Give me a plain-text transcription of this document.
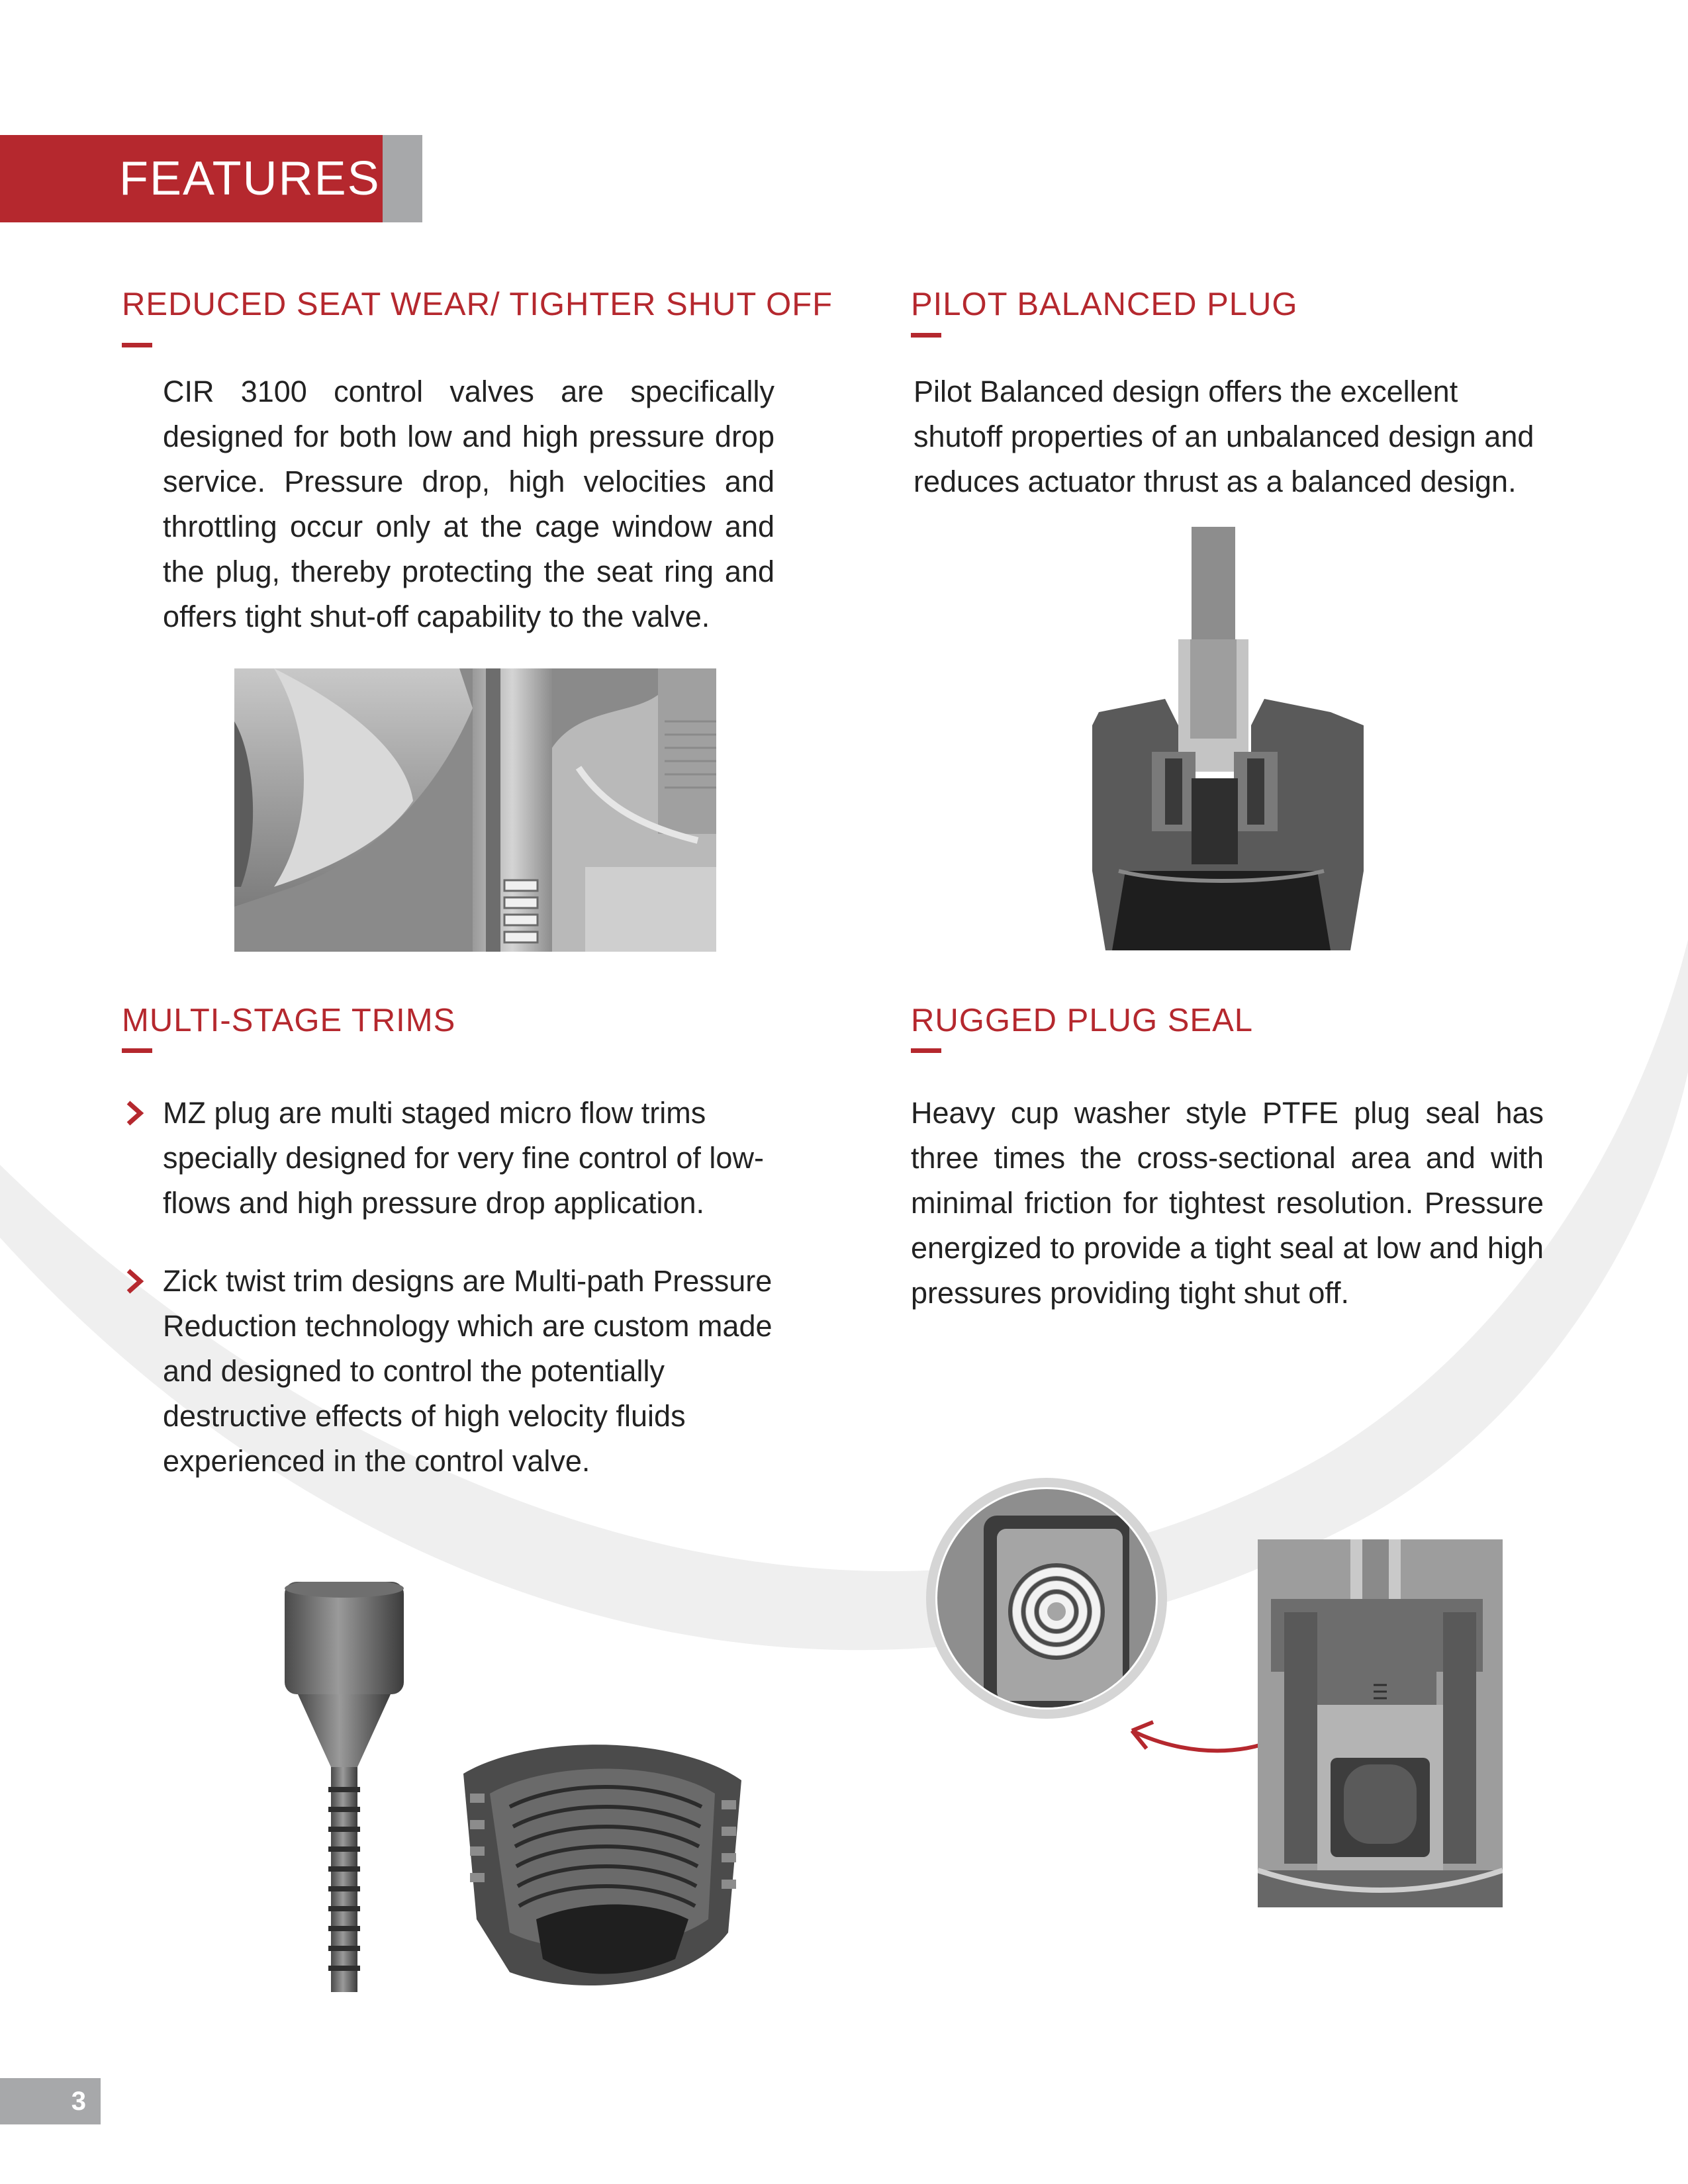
FEATURES
REDUCED SEAT WEAR/ TIGHTER SHUT OFF
CIR 3100 control valves are specifically designed for both low and high pressure drop service. Pressure drop, high velocities and throttling occur only at the cage window and the plug, thereby protecting the seat ring and offers tight shut-off capability to the valve.
PILOT BALANCED PLUG
Pilot Balanced design offers the excellent shutoff properties of an unbalanced design and reduces actuator thrust as a balanced design.
MULTI-STAGE TRIMS
MZ plug are multi staged micro flow trims specially designed for very fine control of low-flows and high pressure drop application.
Zick twist trim designs are Multi-path Pressure Reduction technology which are custom made and designed to control the potentially destructive effects of high velocity fluids experienced in the control valve.
RUGGED PLUG SEAL
Heavy cup washer style PTFE plug seal has three times the cross-sectional area and with minimal friction for tightest resolution. Pressure energized to provide a tight seal at low and high pressures providing tight shut off.
3
